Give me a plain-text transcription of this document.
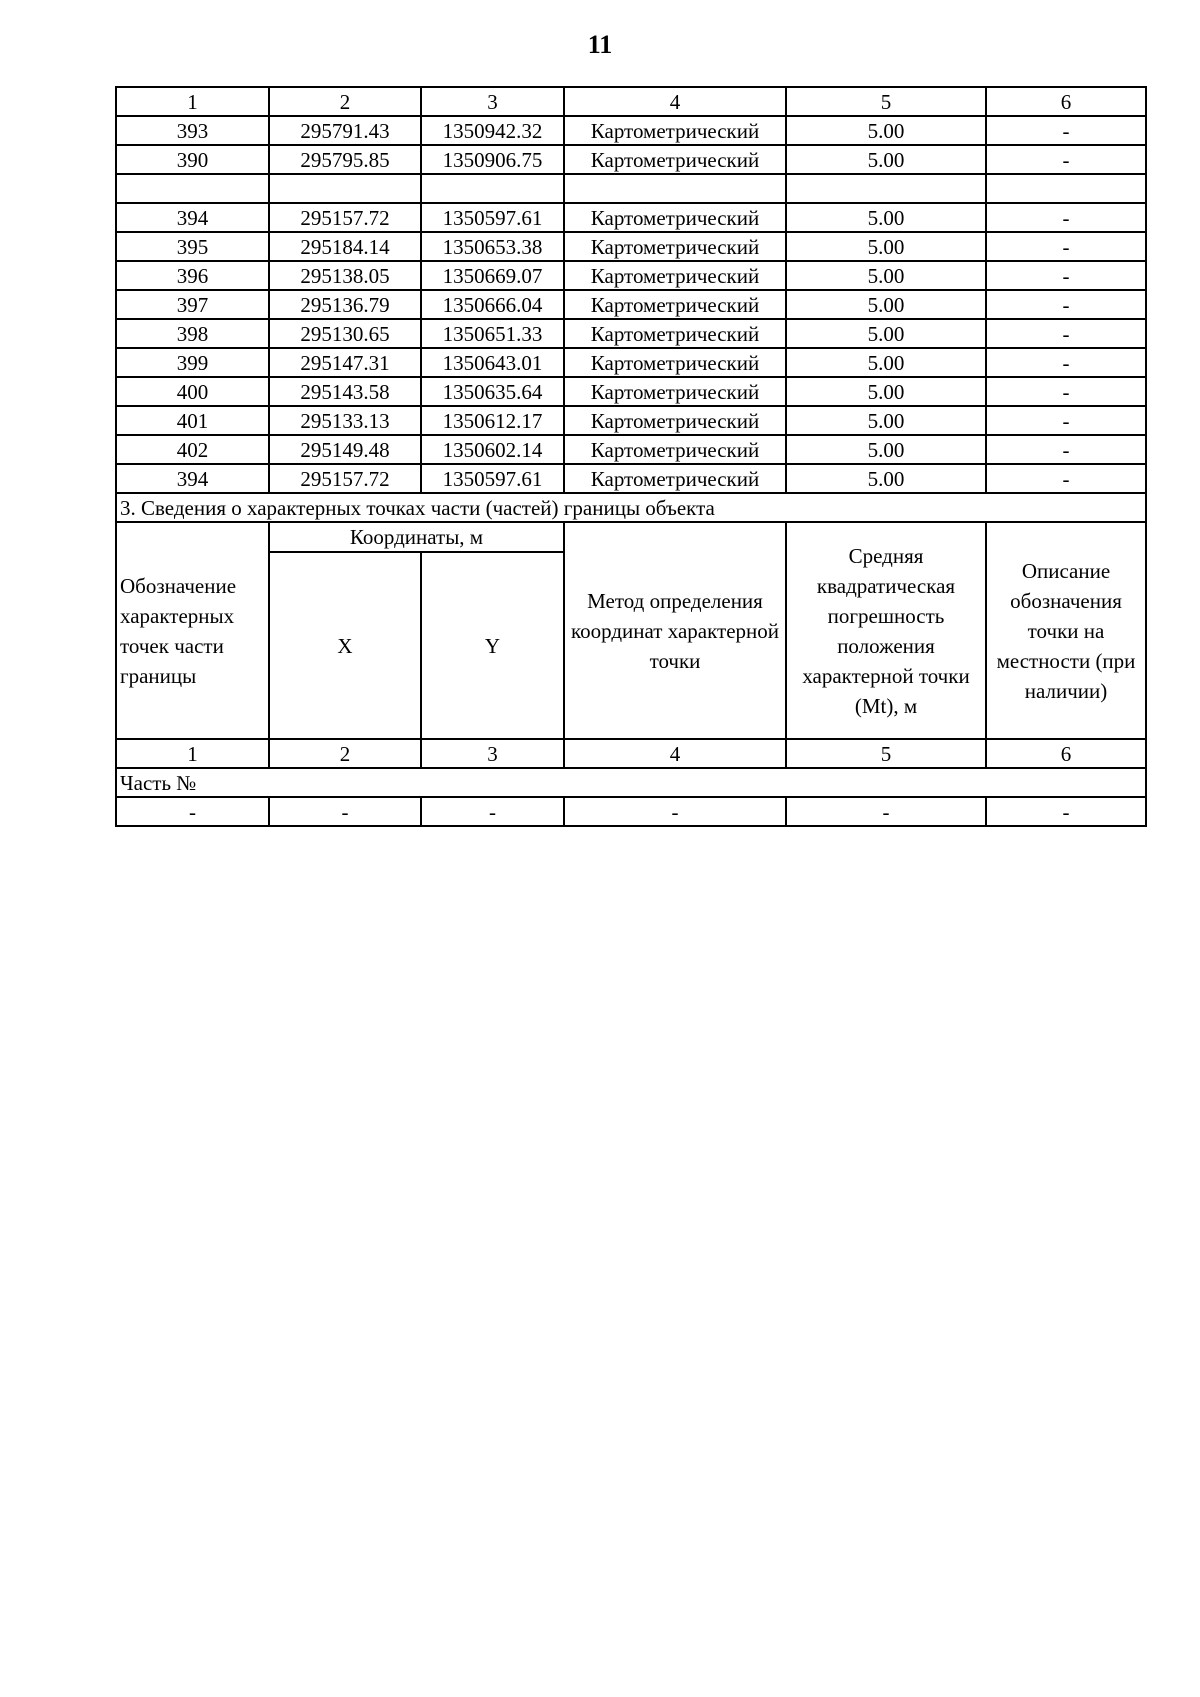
11
1	2	3	4	5	6
393	295791.43	1350942.32	Картометрический	5.00	-
390	295795.85	1350906.75	Картометрический	5.00	-

394	295157.72	1350597.61	Картометрический	5.00	-
395	295184.14	1350653.38	Картометрический	5.00	-
396	295138.05	1350669.07	Картометрический	5.00	-
397	295136.79	1350666.04	Картометрический	5.00	-
398	295130.65	1350651.33	Картометрический	5.00	-
399	295147.31	1350643.01	Картометрический	5.00	-
400	295143.58	1350635.64	Картометрический	5.00	-
401	295133.13	1350612.17	Картометрический	5.00	-
402	295149.48	1350602.14	Картометрический	5.00	-
394	295157.72	1350597.61	Картометрический	5.00	-
3. Сведения о характерных точках части (частей) границы объекта					
Обозначение характерных точек части границы	Координаты, м		Метод определения координат характерной точки	Средняя квадратическая погрешность положения характерной точки (Mt), м	Описание обозначения точки на местности (при наличии)
	X	Y			
1	2	3	4	5	6
Часть №					
-	-	-	-	-	-
